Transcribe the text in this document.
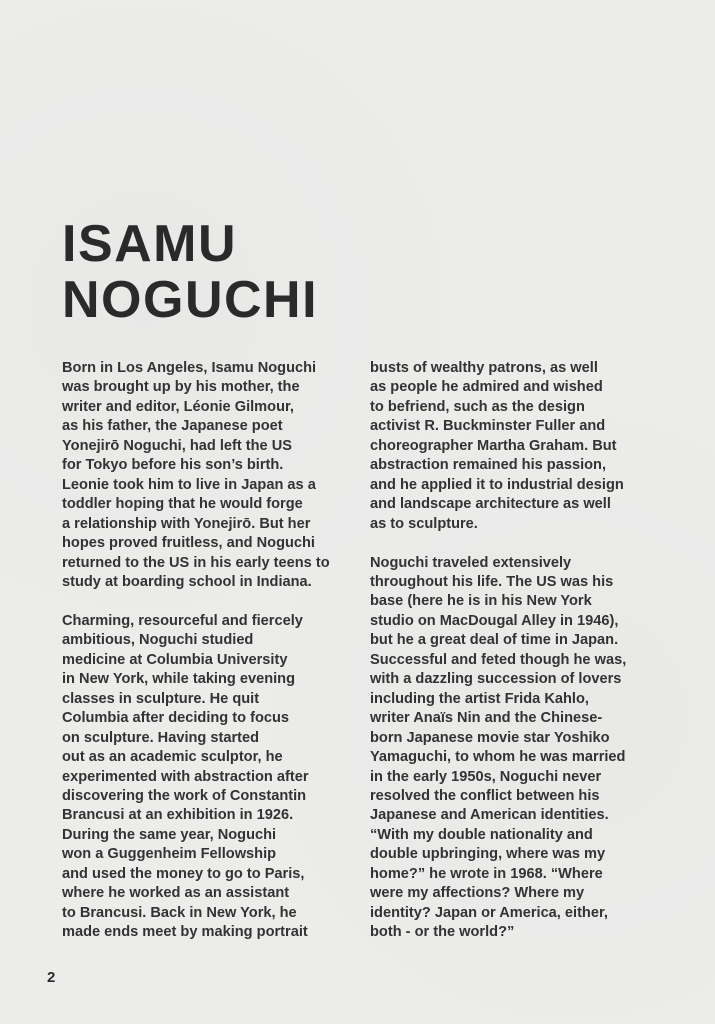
ISAMU
NOGUCHI

Born in Los Angeles, Isamu Noguchi
was brought up by his mother, the
writer and editor, Léonie Gilmour,
as his father, the Japanese poet
Yonejirō Noguchi, had left the US
for Tokyo before his son’s birth.
Leonie took him to live in Japan as a
toddler hoping that he would forge
a relationship with Yonejirō. But her
hopes proved fruitless, and Noguchi
returned to the US in his early teens to
study at boarding school in Indiana.

Charming, resourceful and fiercely
ambitious, Noguchi studied
medicine at Columbia University
in New York, while taking evening
classes in sculpture. He quit
Columbia after deciding to focus
on sculpture. Having started
out as an academic sculptor, he
experimented with abstraction after
discovering the work of Constantin
Brancusi at an exhibition in 1926.
During the same year, Noguchi
won a Guggenheim Fellowship
and used the money to go to Paris,
where he worked as an assistant
to Brancusi. Back in New York, he
made ends meet by making portrait

busts of wealthy patrons, as well
as people he admired and wished
to befriend, such as the design
activist R. Buckminster Fuller and
choreographer Martha Graham. But
abstraction remained his passion,
and he applied it to industrial design
and landscape architecture as well
as to sculpture.

Noguchi traveled extensively
throughout his life. The US was his
base (here he is in his New York
studio on MacDougal Alley in 1946),
but he a great deal of time in Japan.
Successful and feted though he was,
with a dazzling succession of lovers
including the artist Frida Kahlo,
writer Anaïs Nin and the Chinese-
born Japanese movie star Yoshiko
Yamaguchi, to whom he was married
in the early 1950s, Noguchi never
resolved the conflict between his
Japanese and American identities.
“With my double nationality and
double upbringing, where was my
home?” he wrote in 1968. “Where
were my affections? Where my
identity? Japan or America, either,
both - or the world?”

2
